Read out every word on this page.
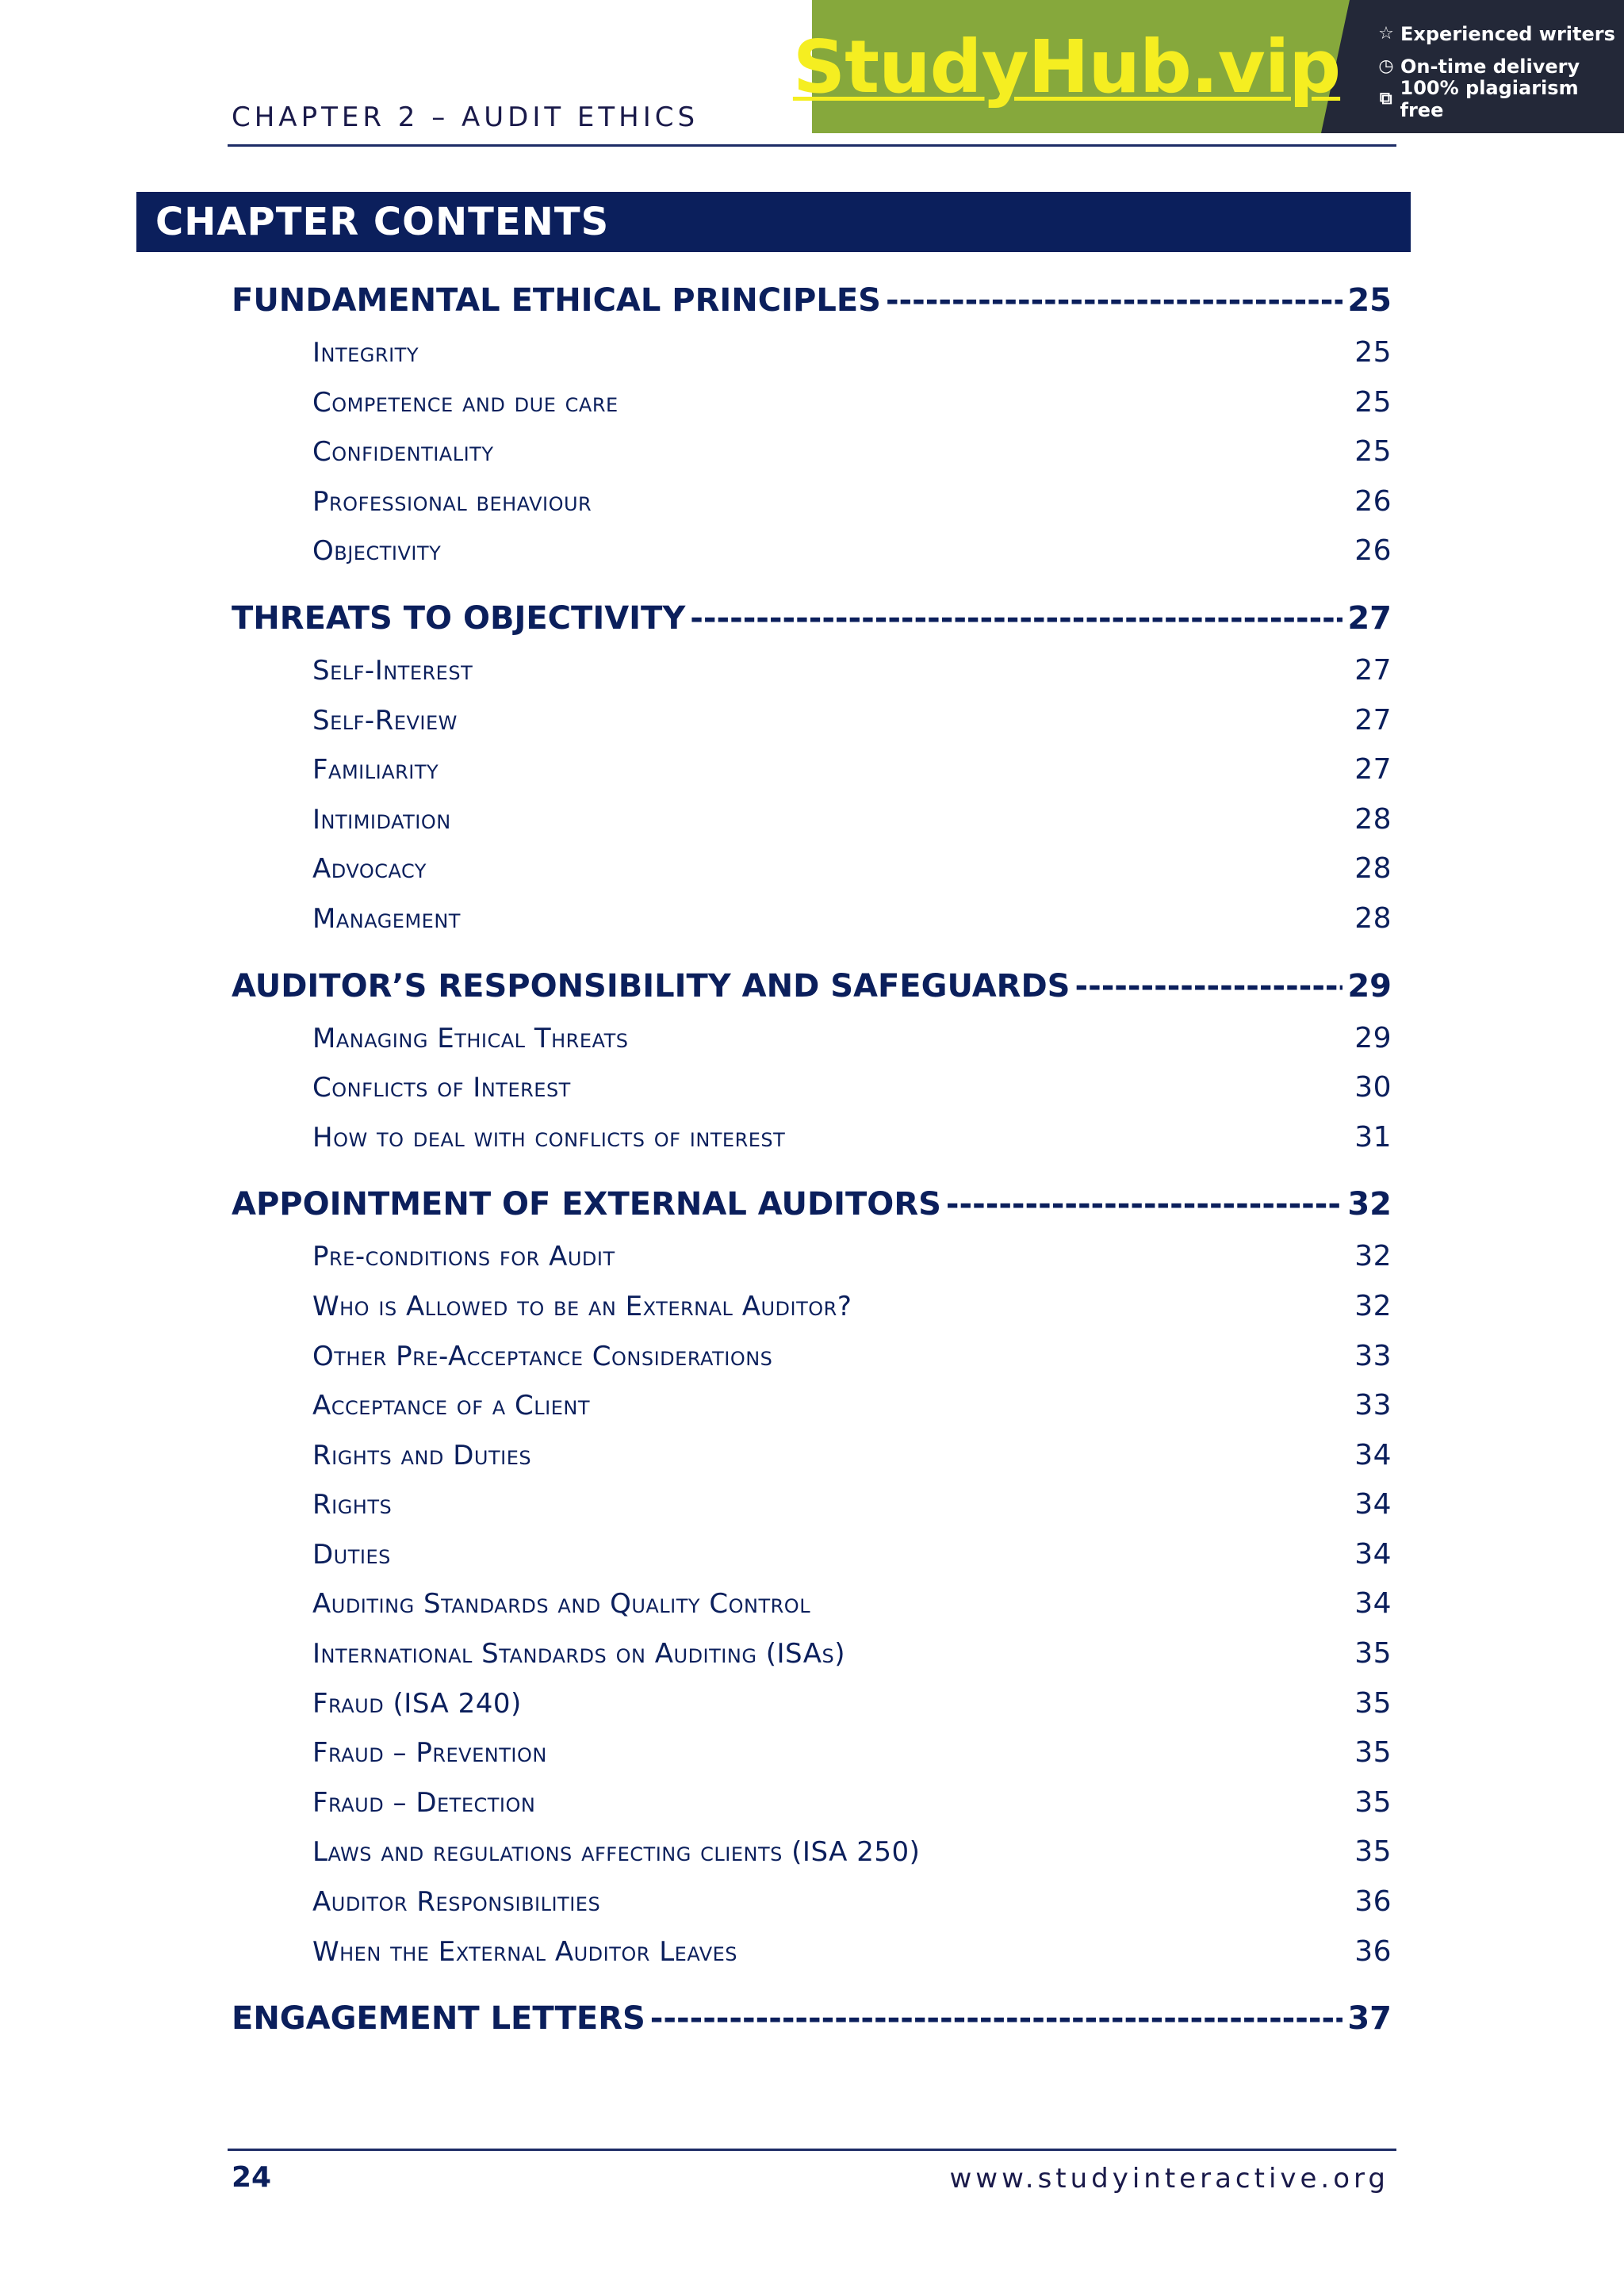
CHAPTER 2 – AUDIT ETHICS
StudyHub.vip ☆ Experienced writers
◷ On-time delivery
⧉ 100% plagiarism free
CHAPTER CONTENTS
FUNDAMENTAL ETHICAL PRINCIPLES -----	25
Integrity	25
Competence and due care	25
Confidentiality	25
Professional behaviour	26
Objectivity	26
THREATS TO OBJECTIVITY -----	27
Self-Interest	27
Self-Review	27
Familiarity	27
Intimidation	28
Advocacy	28
Management	28
AUDITOR’S RESPONSIBILITY AND SAFEGUARDS -----	29
Managing Ethical Threats	29
Conflicts of Interest	30
How to deal with conflicts of interest	31
APPOINTMENT OF EXTERNAL AUDITORS -----	32
Pre-conditions for Audit	32
Who is Allowed to be an External Auditor?	32
Other Pre-Acceptance Considerations	33
Acceptance of a Client	33
Rights and Duties	34
Rights	34
Duties	34
Auditing Standards and Quality Control	34
International Standards on Auditing (ISAs)	35
Fraud (ISA 240)	35
Fraud – Prevention	35
Fraud – Detection	35
Laws and regulations affecting clients (ISA 250)	35
Auditor Responsibilities	36
When the External Auditor Leaves	36
ENGAGEMENT LETTERS -----	37
24	www.studyinteractive.org
